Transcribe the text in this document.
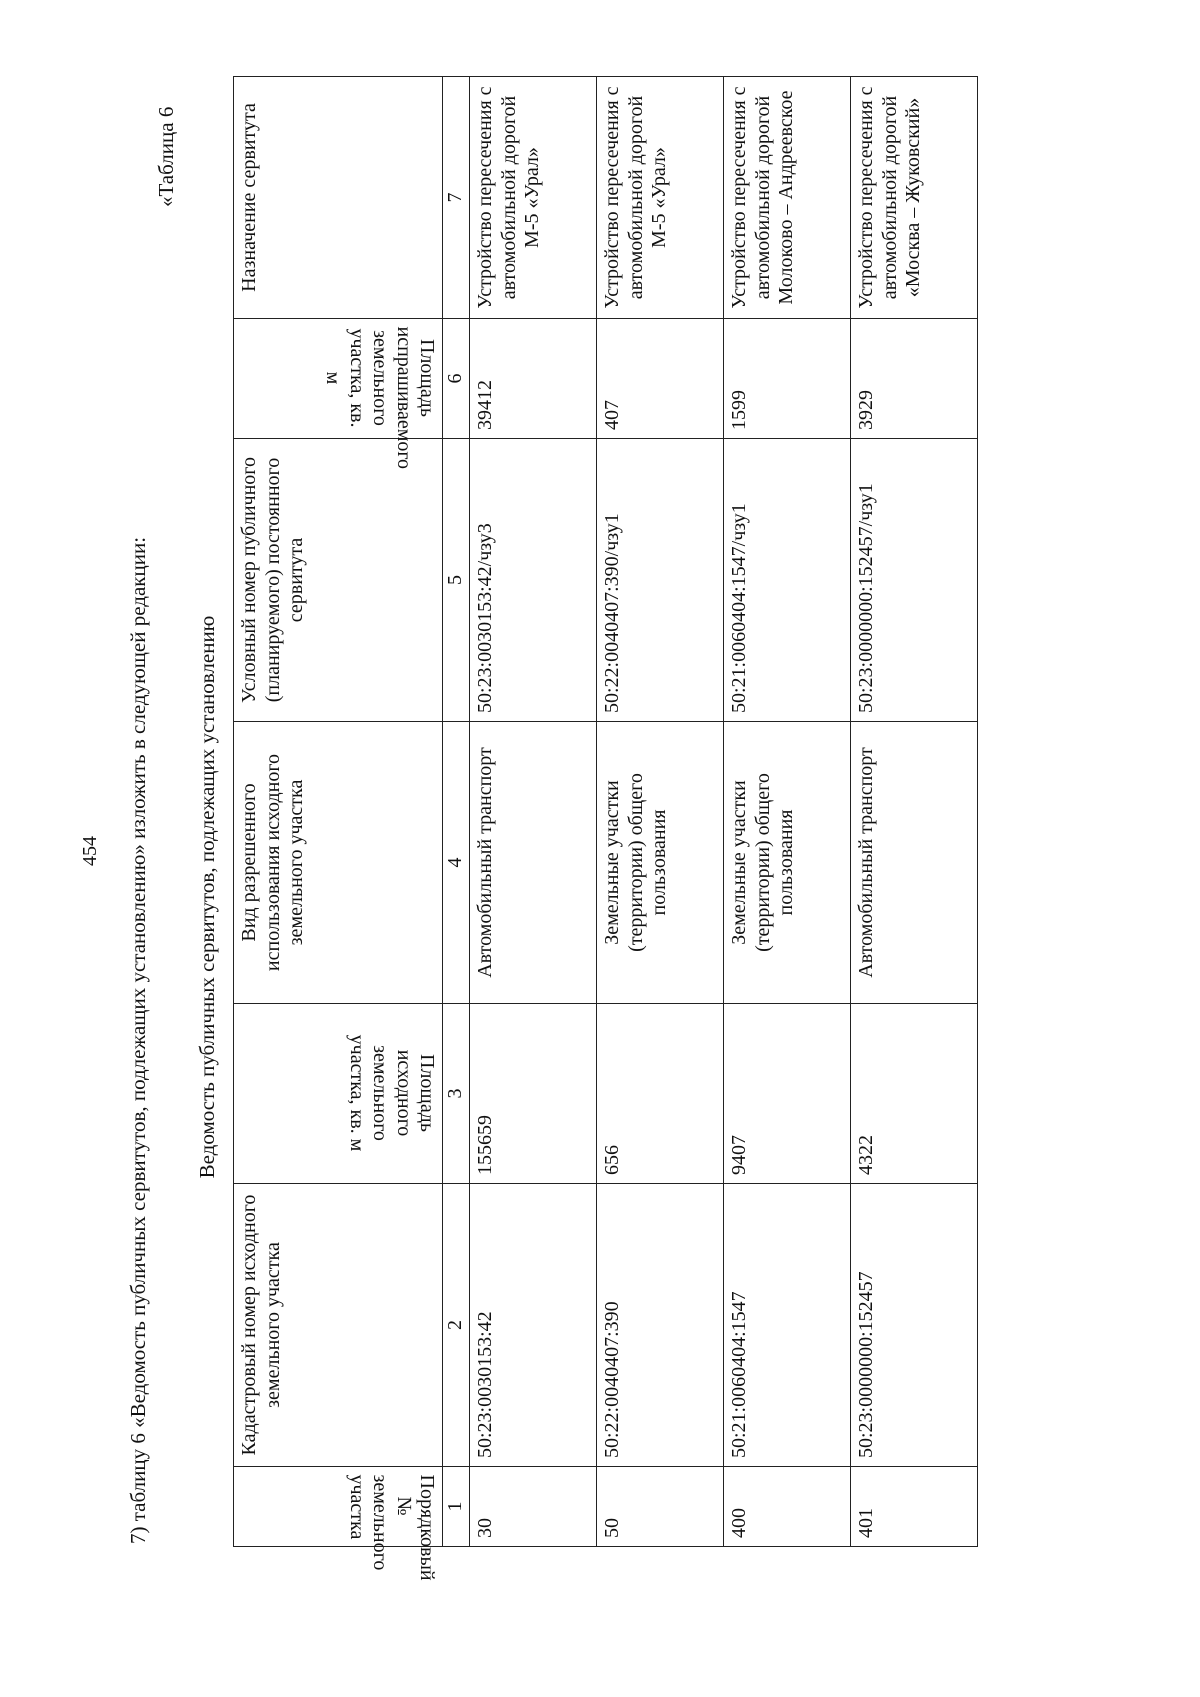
454
«Таблица 6
7) таблицу 6 «Ведомость публичных сервитутов, подлежащих установлению» изложить в следующей редакции: Ведомость публичных сервитутов, подлежащих установлению
Порядковый № земельного участка	Кадастровый номер исходного земельного участка	Площадь исходного земельного участка, кв. м	Вид разрешенного использования исходного земельного участка	Условный номер публичного (планируемого) постоянного сервитута	Площадь испрашиваемого земельного участка, кв. м	Назначение сервитута
1	2	3	4	5	6	7
30	50:23:0030153:42	155659	Автомобильный транспорт	50:23:0030153:42/чзу3	39412	Устройство пересечения с автомобильной дорогой М-5 «Урал»
50	50:22:0040407:390	656	Земельные участки (территории) общего пользования	50:22:0040407:390/чзу1	407	Устройство пересечения с автомобильной дорогой М-5 «Урал»
400	50:21:0060404:1547	9407	Земельные участки (территории) общего пользования	50:21:0060404:1547/чзу1	1599	Устройство пересечения с автомобильной дорогой Молоково – Андреевское
401	50:23:0000000:152457	4322	Автомобильный транспорт	50:23:0000000:152457/чзу1	3929	Устройство пересечения с автомобильной дорогой «Москва – Жуковский»
